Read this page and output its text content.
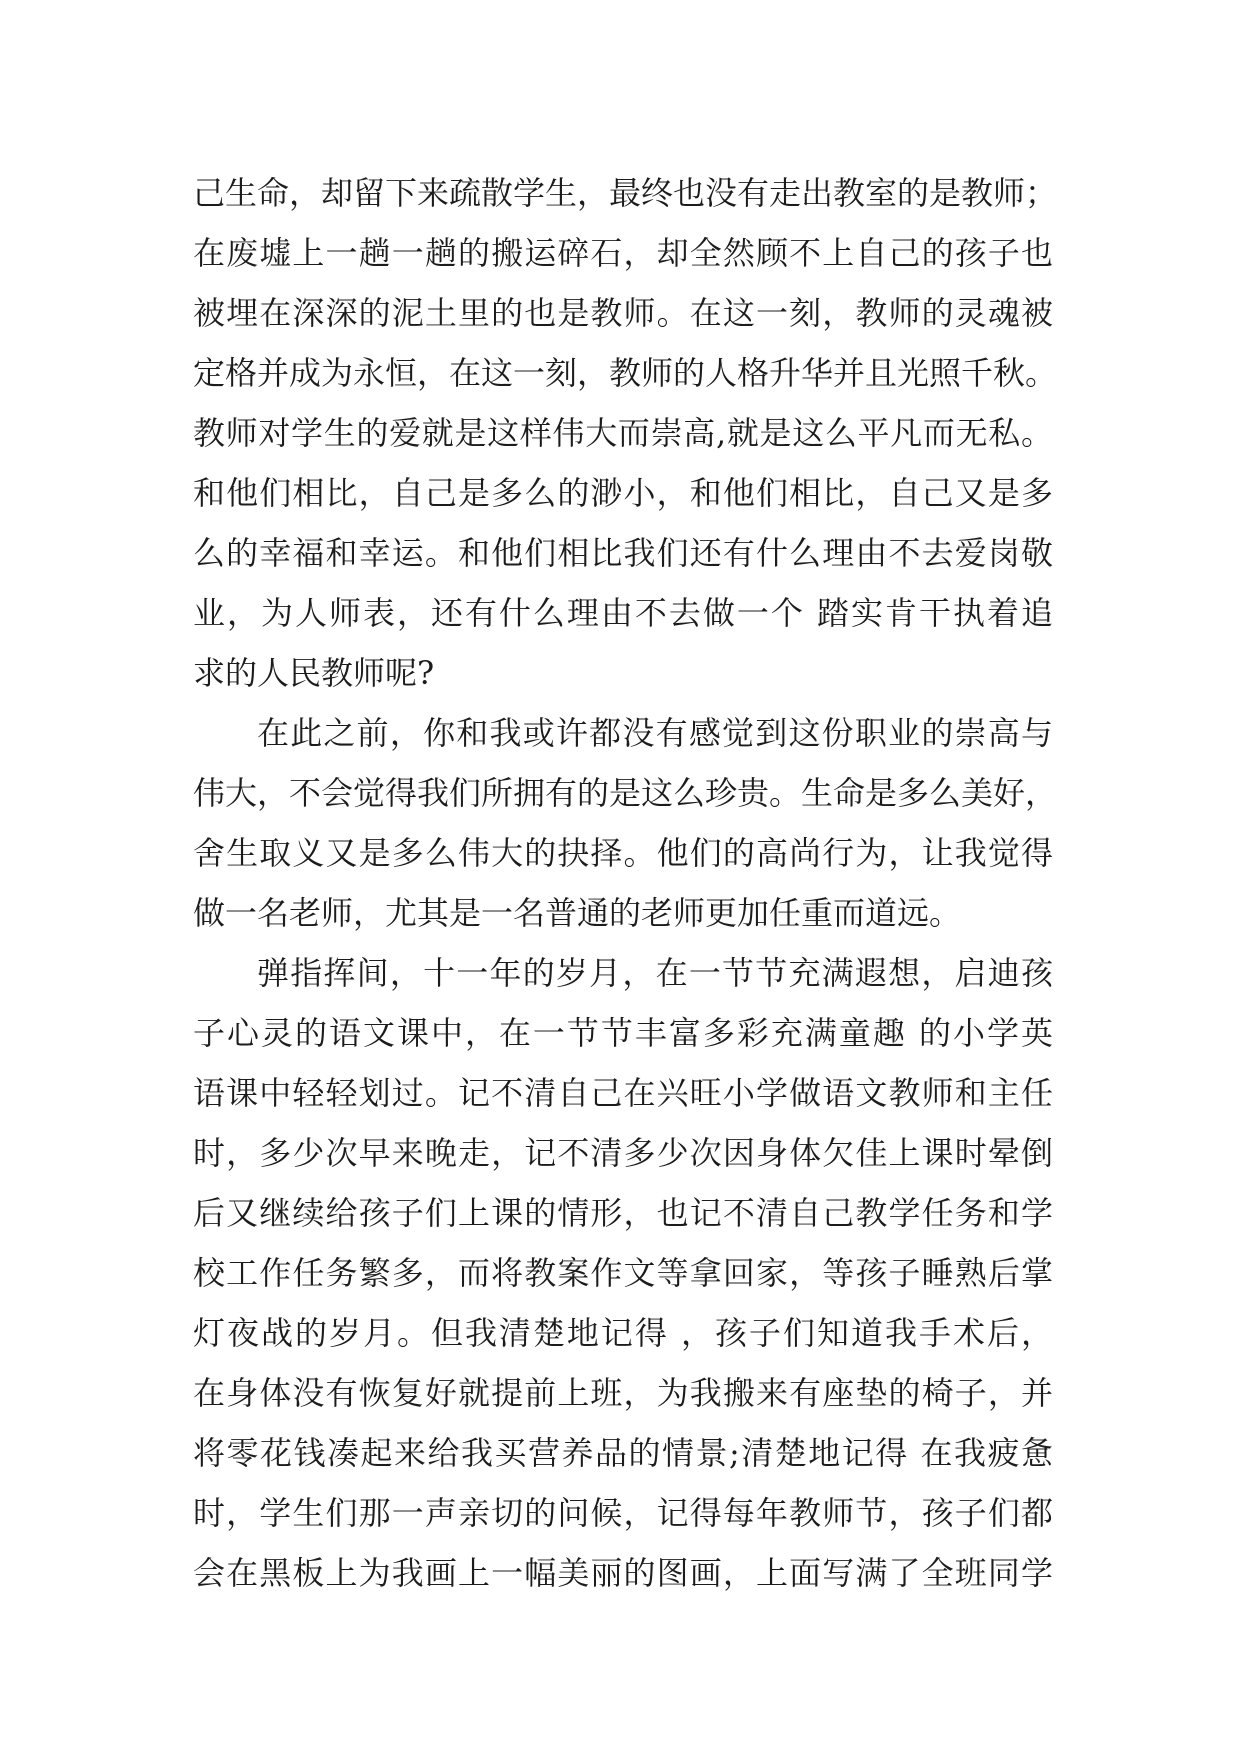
己生命，却留下来疏散学生，最终也没有走出教室的是教师；
在废墟上一趟一趟的搬运碎石，却全然顾不上自己的孩子也
被埋在深深的泥土里的也是教师。在这一刻，教师的灵魂被
定格并成为永恒，在这一刻，教师的人格升华并且光照千秋。
教师对学生的爱就是这样伟大而崇高,就是这么平凡而无私。
和他们相比，自己是多么的渺小，和他们相比，自己又是多
么的幸福和幸运。和他们相比我们还有什么理由不去爱岗敬
业，为人师表，还有什么理由不去做一个 踏实肯干执着追
求的人民教师呢?
在此之前，你和我或许都没有感觉到这份职业的崇高与
伟大，不会觉得我们所拥有的是这么珍贵。生命是多么美好，
舍生取义又是多么伟大的抉择。他们的高尚行为，让我觉得
做一名老师，尤其是一名普通的老师更加任重而道远。
弹指挥间，十一年的岁月，在一节节充满遐想，启迪孩
子心灵的语文课中，在一节节丰富多彩充满童趣 的小学英
语课中轻轻划过。记不清自己在兴旺小学做语文教师和主任
时，多少次早来晚走，记不清多少次因身体欠佳上课时晕倒
后又继续给孩子们上课的情形，也记不清自己教学任务和学
校工作任务繁多，而将教案作文等拿回家，等孩子睡熟后掌
灯夜战的岁月。但我清楚地记得 ，孩子们知道我手术后，
在身体没有恢复好就提前上班，为我搬来有座垫的椅子，并
将零花钱凑起来给我买营养品的情景;清楚地记得 在我疲惫
时，学生们那一声亲切的问候，记得每年教师节，孩子们都
会在黑板上为我画上一幅美丽的图画，上面写满了全班同学
